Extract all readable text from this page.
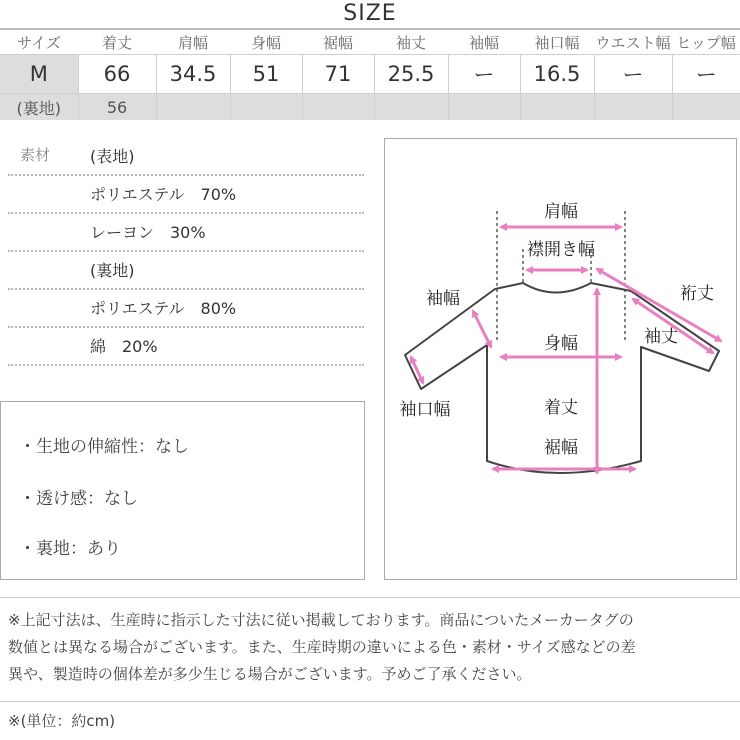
SIZE
サイズ	着丈	肩幅	身幅	裾幅	袖丈	袖幅	袖口幅	ウエスト幅	ヒップ幅
M	66	34.5	51	71	25.5	ー	16.5	ー	ー
(裏地)	56								
素材 (表地)
ポリエステル　70%
レーヨン　30%
(裏地)
ポリエステル　80%
綿　20%
・生地の伸縮性：なし
・透け感：なし
・裏地：あり
肩幅
襟開き幅
裄丈
袖丈
袖幅
身幅
袖口幅	着丈
裾幅
※上記寸法は、生産時に指示した寸法に従い掲載しております。商品についたメーカータグの
数値とは異なる場合がございます。また、生産時期の違いによる色・素材・サイズ感などの差
異や、製造時の個体差が多少生じる場合がございます。予めご了承ください。
※(単位：約cm)
